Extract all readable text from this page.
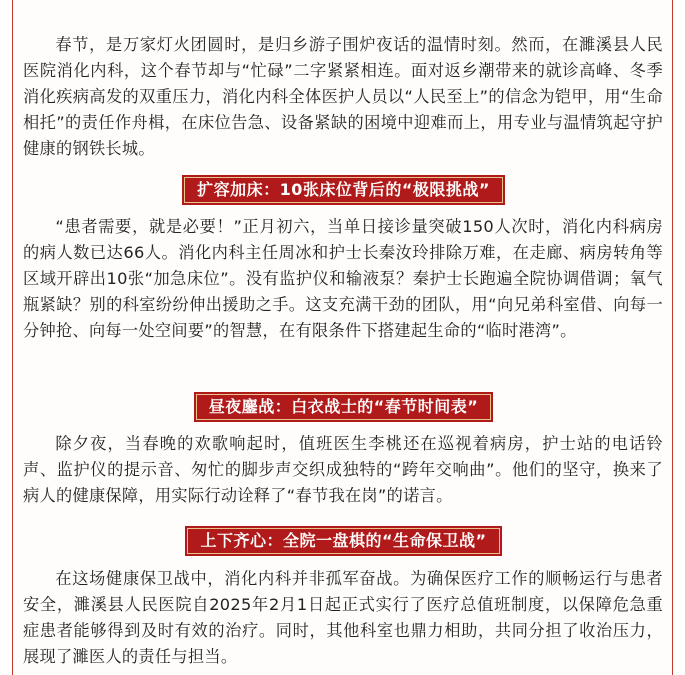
春节，是万家灯火团圆时，是归乡游子围炉夜话的温情时刻。然而，在濉溪县人民医院消化内科，这个春节却与“忙碌”二字紧紧相连。面对返乡潮带来的就诊高峰、冬季消化疾病高发的双重压力，消化内科全体医护人员以“人民至上”的信念为铠甲，用“生命相托”的责任作舟楫，在床位告急、设备紧缺的困境中迎难而上，用专业与温情筑起守护健康的钢铁长城。

扩容加床：10张床位背后的“极限挑战”

“患者需要，就是必要！”正月初六，当单日接诊量突破150人次时，消化内科病房的病人数已达66人。消化内科主任周冰和护士长秦汝玲排除万难，在走廊、病房转角等区域开辟出10张“加急床位”。没有监护仪和输液泵？秦护士长跑遍全院协调借调；氧气瓶紧缺？别的科室纷纷伸出援助之手。这支充满干劲的团队，用“向兄弟科室借、向每一分钟抢、向每一处空间要”的智慧，在有限条件下搭建起生命的“临时港湾”。

昼夜鏖战：白衣战士的“春节时间表”

除夕夜，当春晚的欢歌响起时，值班医生李桃还在巡视着病房，护士站的电话铃声、监护仪的提示音、匆忙的脚步声交织成独特的“跨年交响曲”。他们的坚守，换来了病人的健康保障，用实际行动诠释了“春节我在岗”的诺言。

上下齐心：全院一盘棋的“生命保卫战”

在这场健康保卫战中，消化内科并非孤军奋战。为确保医疗工作的顺畅运行与患者安全，濉溪县人民医院自2025年2月1日起正式实行了医疗总值班制度，以保障危急重症患者能够得到及时有效的治疗。同时，其他科室也鼎力相助，共同分担了收治压力，展现了濉医人的责任与担当。
